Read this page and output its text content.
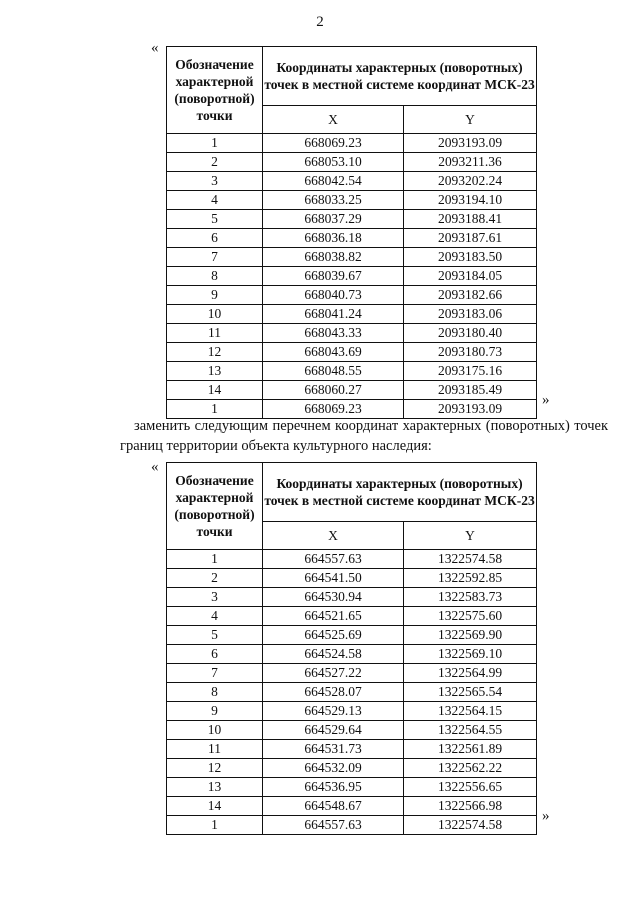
2
«
Обозначение характерной (поворотной) точки	Координаты характерных (поворотных) точек в местной системе координат МСК-23	
	X	Y
1	668069.23	2093193.09
2	668053.10	2093211.36
3	668042.54	2093202.24
4	668033.25	2093194.10
5	668037.29	2093188.41
6	668036.18	2093187.61
7	668038.82	2093183.50
8	668039.67	2093184.05
9	668040.73	2093182.66
10	668041.24	2093183.06
11	668043.33	2093180.40
12	668043.69	2093180.73
13	668048.55	2093175.16
14	668060.27	2093185.49
1	668069.23	2093193.09
»

заменить следующим перечнем координат характерных (поворотных) точек границ территории объекта культурного наследия:

«
Обозначение характерной (поворотной) точки	Координаты характерных (поворотных) точек в местной системе координат МСК-23	
	X	Y
1	664557.63	1322574.58
2	664541.50	1322592.85
3	664530.94	1322583.73
4	664521.65	1322575.60
5	664525.69	1322569.90
6	664524.58	1322569.10
7	664527.22	1322564.99
8	664528.07	1322565.54
9	664529.13	1322564.15
10	664529.64	1322564.55
11	664531.73	1322561.89
12	664532.09	1322562.22
13	664536.95	1322556.65
14	664548.67	1322566.98
1	664557.63	1322574.58
»
